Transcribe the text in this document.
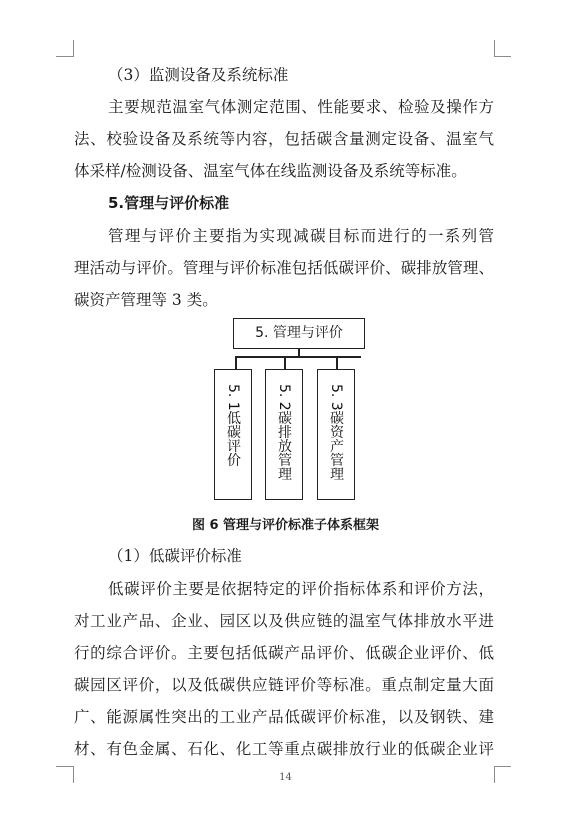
（3）监测设备及系统标准
主要规范温室气体测定范围、性能要求、检验及操作方
法、校验设备及系统等内容，包括碳含量测定设备、温室气
体采样/检测设备、温室气体在线监测设备及系统等标准。
5.管理与评价标准
管理与评价主要指为实现减碳目标而进行的一系列管
理活动与评价。管理与评价标准包括低碳评价、碳排放管理、
碳资产管理等 3 类。
5. 管理与评价
5. 1低碳评价	5. 2碳排放管理	5. 3碳资产管理
图 6 管理与评价标准子体系框架
（1）低碳评价标准
低碳评价主要是依据特定的评价指标体系和评价方法，
对工业产品、企业、园区以及供应链的温室气体排放水平进
行的综合评价。主要包括低碳产品评价、低碳企业评价、低
碳园区评价，以及低碳供应链评价等标准。重点制定量大面
广、能源属性突出的工业产品低碳评价标准，以及钢铁、建
材、有色金属、石化、化工等重点碳排放行业的低碳企业评
14
